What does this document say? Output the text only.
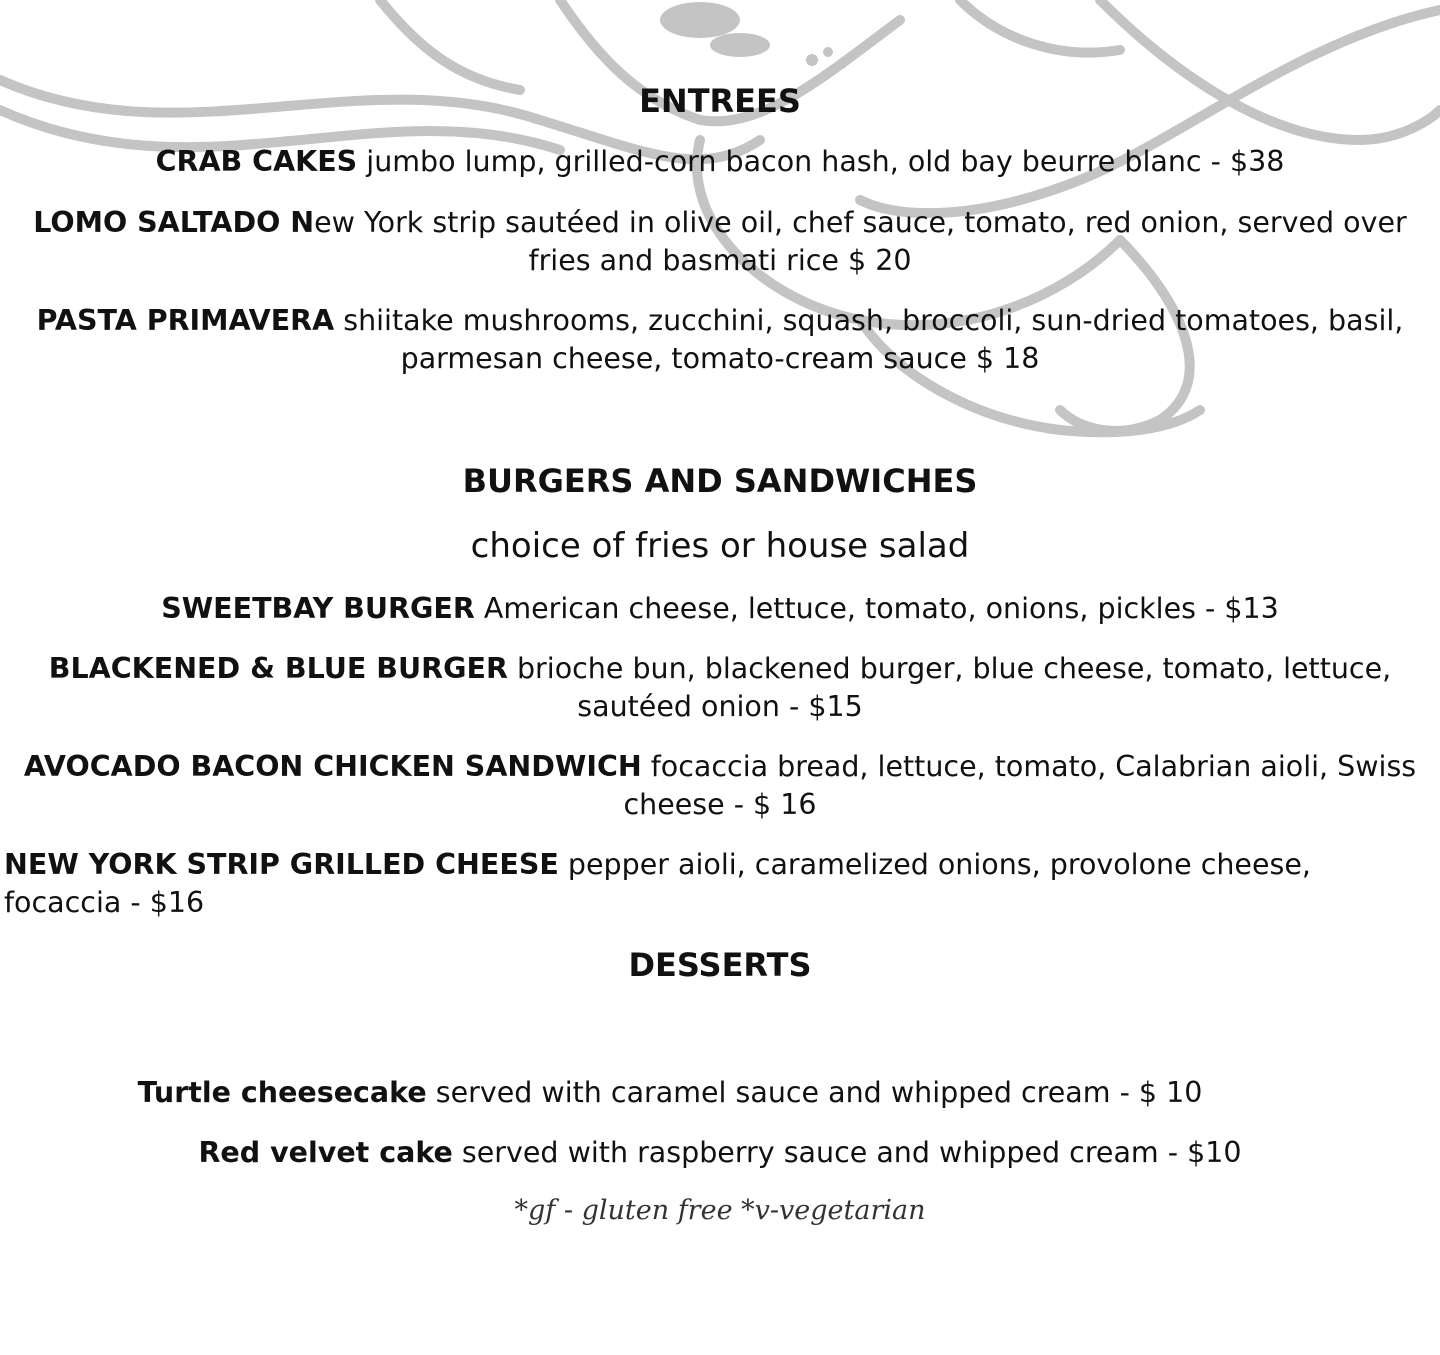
ENTREES

CRAB CAKES jumbo lump, grilled-corn bacon hash, old bay beurre blanc - $38

LOMO SALTADO New York strip sautéed in olive oil, chef sauce, tomato, red onion, served over fries and basmati rice $ 20

PASTA PRIMAVERA shiitake mushrooms, zucchini, squash, broccoli, sun-dried tomatoes, basil, parmesan cheese, tomato-cream sauce $ 18

BURGERS AND SANDWICHES

choice of fries or house salad

SWEETBAY BURGER American cheese, lettuce, tomato, onions, pickles - $13

BLACKENED & BLUE BURGER brioche bun, blackened burger, blue cheese, tomato, lettuce, sautéed onion - $15

AVOCADO BACON CHICKEN SANDWICH focaccia bread, lettuce, tomato, Calabrian aioli, Swiss cheese - $ 16

NEW YORK STRIP GRILLED CHEESE pepper aioli, caramelized onions, provolone cheese, focaccia - $16

DESSERTS

Turtle cheesecake served with caramel sauce and whipped cream - $ 10

Red velvet cake served with raspberry sauce and whipped cream - $10

*gf - gluten free *v-vegetarian
